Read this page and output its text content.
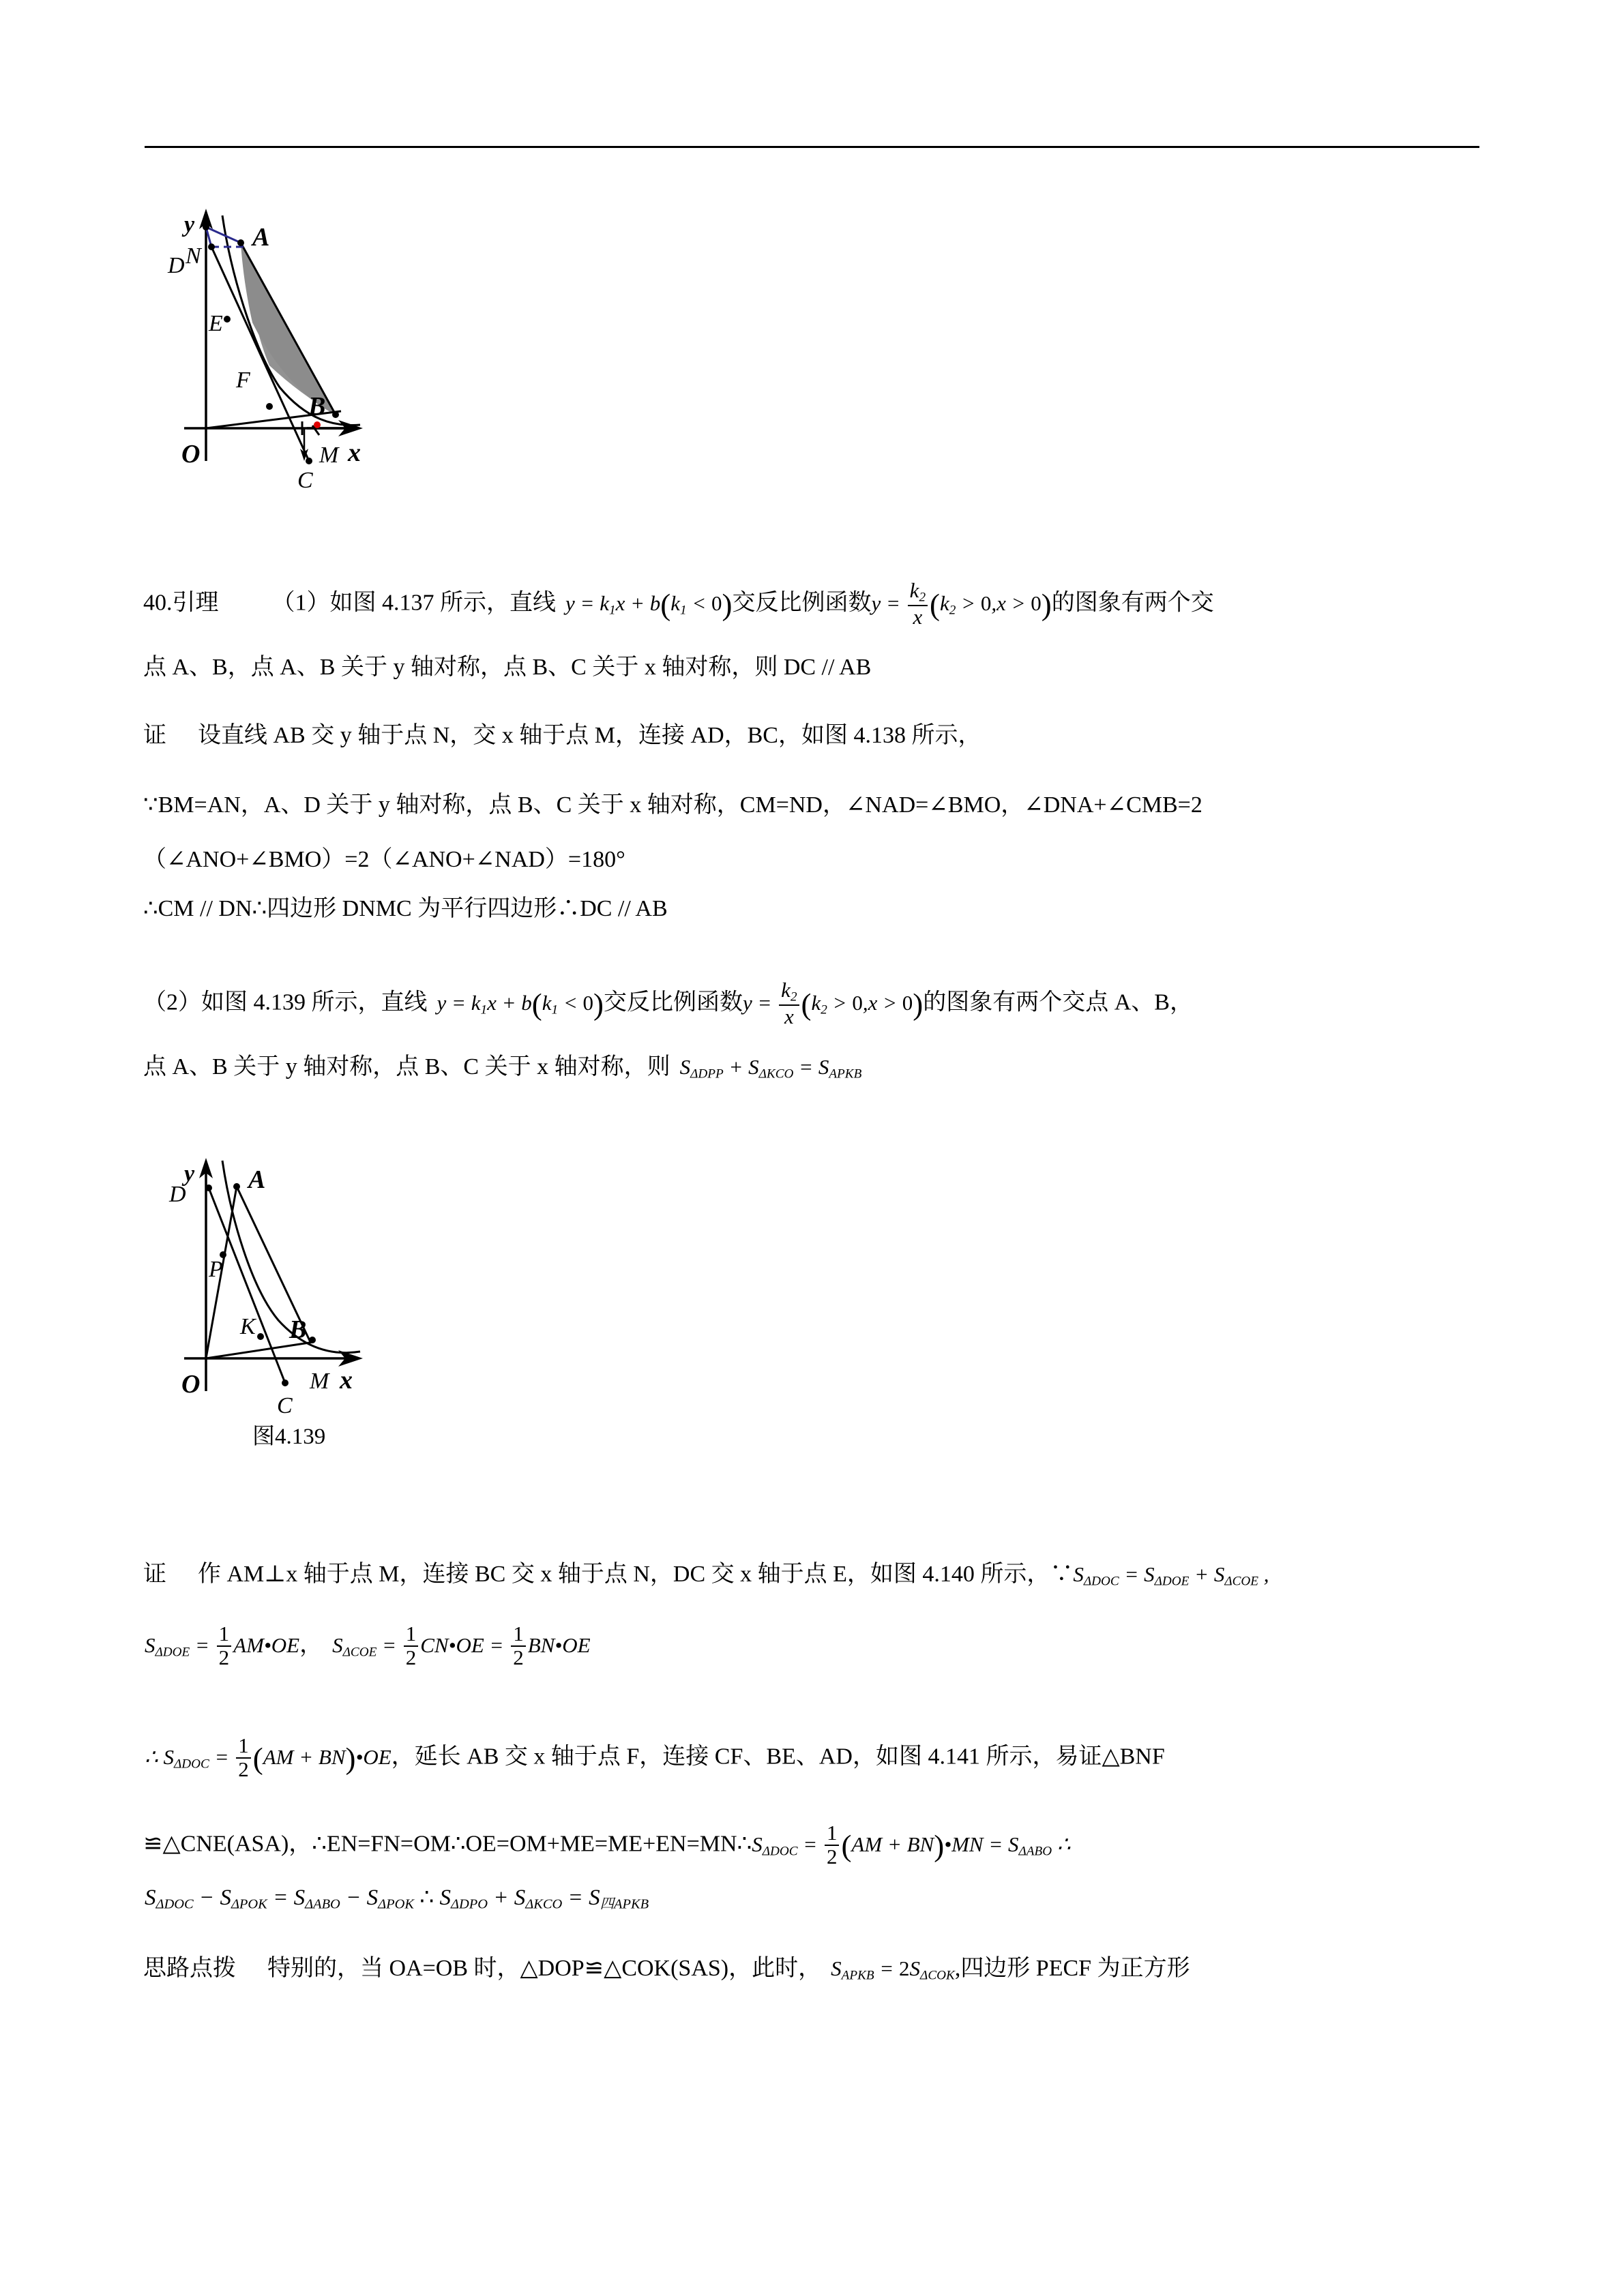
y
N
D
A
E
F
B
M x
C
O
40.引理 （1）如图 4.137 所示，直线 $y = k_1x + b(k_1 < 0)$交反比例函数$y = \frac{k_2}{x} (k_2 > 0,x > 0)$的图象有两个交
点 A、B，点 A、B 关于 y 轴对称，点 B、C 关于 x 轴对称，则 DC // AB
证 设直线 AB 交 y 轴于点 N，交 x 轴于点 M，连接 AD，BC，如图 4.138 所示，
∵BM=AN，A、D 关于 y 轴对称，点 B、C 关于 x 轴对称，CM=ND，∠NAD=∠BMO，∠DNA+∠CMB=2
（∠ANO+∠BMO）=2（∠ANO+∠NAD）=180°
∴CM // DN∴四边形 DNMC 为平行四边形∴DC // AB
（2）如图 4.139 所示，直线 $y = k_1x + b(k_1 < 0)$交反比例函数$y = \frac{k_2}{x} (k_2 > 0,x > 0)$的图象有两个交点 A、B，
点 A、B 关于 y 轴对称，点 B、C 关于 x 轴对称，则 $S_{\Delta DPP} + S_{\Delta KCO} = S_{APKB}$
y
D
A
P
K B
M x
C
O
图4.139
证 作 AM⊥x 轴于点 M，连接 BC 交 x 轴于点 N，DC 交 x 轴于点 E，如图 4.140 所示，$\because S_{\Delta DOC} = S_{\Delta DOE} + S_{\Delta COE}$ ,
$S_{\Delta DOE} = \frac{1}{2}$ AM•OE， $S_{\Delta COE} = \frac{1}{2}$ CN•OE = $\frac{1}{2}$ BN•OE
∴ $S_{\Delta DOC} = \frac{1}{2} (AM$ + BN)•OE，延长 AB 交 x 轴于点 F，连接 CF、BE、AD，如图 4.141 所示，易证△BNF
≌△CNE(ASA)，$\therefore EN=FN=OM\therefore OE=OM+ME=ME+EN=MN\therefore S_{\Delta DOC} = \frac{1}{2} (AM$ + BN)•MN = $S_{\Delta ABO}$ ∴
$S_{\Delta DOC} - S_{\Delta POK} = S_{\Delta ABO} - S_{\Delta POK}$ ∴ $S_{\Delta DPO} + S_{\Delta KCO} = S_{四APKB}$
思路点拨 特别的，当 OA=OB 时，△DOP≌△COK(SAS)，此时， $S_{APKB} = 2S_{\Delta COK}$,四边形 PECF 为正方形
